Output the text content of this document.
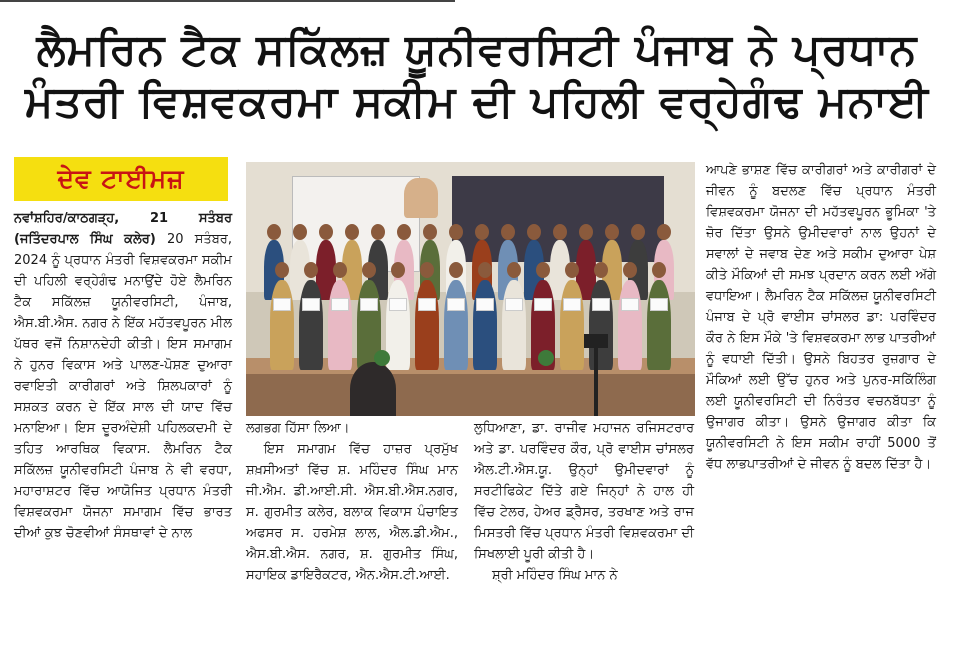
ਲੈਮਰਿਨ ਟੈਕ ਸਕਿੱਲਜ਼ ਯੂਨੀਵਰਸਿਟੀ ਪੰਜਾਬ ਨੇ ਪ੍ਰਧਾਨ
ਮੰਤਰੀ ਵਿਸ਼ਵਕਰਮਾ ਸਕੀਮ ਦੀ ਪਹਿਲੀ ਵਰ੍ਹੇਗੰਢ ਮਨਾਈ
ਦੇਵ ਟਾਈਮਜ਼

ਨਵਾਂਸ਼ਹਿਰ/ਕਾਠਗੜ੍ਹ, 21 ਸਤੰਬਰ (ਜਤਿੰਦਰਪਾਲ ਸਿੰਘ ਕਲੇਰ) 20 ਸਤੰਬਰ, 2024 ਨੂੰ ਪ੍ਰਧਾਨ ਮੰਤਰੀ ਵਿਸ਼ਵਕਰਮਾ ਸਕੀਮ ਦੀ ਪਹਿਲੀ ਵਰ੍ਹੇਗੰਢ ਮਨਾਉਂਦੇ ਹੋਏ ਲੈਮਰਿਨ ਟੈਕ ਸਕਿੱਲਜ਼ ਯੂਨੀਵਰਸਿਟੀ, ਪੰਜਾਬ, ਐਸ.ਬੀ.ਐਸ. ਨਗਰ ਨੇ ਇੱਕ ਮਹੱਤਵਪੂਰਨ ਮੀਲ ਪੱਥਰ ਵਜੋਂ ਨਿਸ਼ਾਨਦੇਹੀ ਕੀਤੀ। ਇਸ ਸਮਾਗਮ ਨੇ ਹੁਨਰ ਵਿਕਾਸ ਅਤੇ ਪਾਲਣ-ਪੋਸ਼ਣ ਦੁਆਰਾ ਰਵਾਇਤੀ ਕਾਰੀਗਰਾਂ ਅਤੇ ਸ਼ਿਲਪਕਾਰਾਂ ਨੂੰ ਸਸ਼ਕਤ ਕਰਨ ਦੇ ਇੱਕ ਸਾਲ ਦੀ ਯਾਦ ਵਿੱਚ ਮਨਾਇਆ। ਇਸ ਦੂਰਅੰਦੇਸ਼ੀ ਪਹਿਲਕਦਮੀ ਦੇ ਤਹਿਤ ਆਰਥਿਕ ਵਿਕਾਸ. ਲੈਮਰਿਨ ਟੈਕ ਸਕਿੱਲਜ਼ ਯੂਨੀਵਰਸਿਟੀ ਪੰਜਾਬ ਨੇ ਵੀ ਵਰਧਾ, ਮਹਾਰਾਸ਼ਟਰ ਵਿੱਚ ਆਯੋਜਿਤ ਪ੍ਰਧਾਨ ਮੰਤਰੀ ਵਿਸ਼ਵਕਰਮਾ ਯੋਜਨਾ ਸਮਾਗਮ ਵਿੱਚ ਭਾਰਤ ਦੀਆਂ ਕੁਝ ਚੋਣਵੀਆਂ ਸੰਸਥਾਵਾਂ ਦੇ ਨਾਲ

ਲਗਭਗ ਹਿੱਸਾ ਲਿਆ।

ਇਸ ਸਮਾਗਮ ਵਿੱਚ ਹਾਜ਼ਰ ਪ੍ਰਮੁੱਖ ਸ਼ਖ਼ਸੀਅਤਾਂ ਵਿੱਚ ਸ਼. ਮਹਿੰਦਰ ਸਿੰਘ ਮਾਨ ਜੀ.ਐਮ. ਡੀ.ਆਈ.ਸੀ. ਐਸ.ਬੀ.ਐਸ.ਨਗਰ, ਸ. ਗੁਰਮੀਤ ਕਲੇਰ, ਬਲਾਕ ਵਿਕਾਸ ਪੰਚਾਇਤ ਅਫਸਰ ਸ. ਹਰਮੇਸ਼ ਲਾਲ, ਐਲ.ਡੀ.ਐਮ., ਐਸ.ਬੀ.ਐਸ. ਨਗਰ, ਸ਼. ਗੁਰਮੀਤ ਸਿੰਘ, ਸਹਾਇਕ ਡਾਇਰੈਕਟਰ, ਐਨ.ਐਸ.ਟੀ.ਆਈ.

ਲੁਧਿਆਣਾ, ਡਾ. ਰਾਜੀਵ ਮਹਾਜਨ ਰਜਿਸਟਰਾਰ ਅਤੇ ਡਾ. ਪਰਵਿੰਦਰ ਕੌਰ, ਪ੍ਰੋ ਵਾਈਸ ਚਾਂਸਲਰ ਐਲ.ਟੀ.ਐਸ.ਯੂ. ਉਨ੍ਹਾਂ ਉਮੀਦਵਾਰਾਂ ਨੂੰ ਸਰਟੀਫਿਕੇਟ ਦਿੱਤੇ ਗਏ ਜਿਨ੍ਹਾਂ ਨੇ ਹਾਲ ਹੀ ਵਿੱਚ ਟੇਲਰ, ਹੇਅਰ ਡ੍ਰੈਸਰ, ਤਰਖਾਣ ਅਤੇ ਰਾਜ ਮਿਸਤਰੀ ਵਿੱਚ ਪ੍ਰਧਾਨ ਮੰਤਰੀ ਵਿਸ਼ਵਕਰਮਾ ਦੀ ਸਿਖਲਾਈ ਪੂਰੀ ਕੀਤੀ ਹੈ।

ਸ਼੍ਰੀ ਮਹਿੰਦਰ ਸਿੰਘ ਮਾਨ ਨੇ

ਆਪਣੇ ਭਾਸ਼ਣ ਵਿੱਚ ਕਾਰੀਗਰਾਂ ਅਤੇ ਕਾਰੀਗਰਾਂ ਦੇ ਜੀਵਨ ਨੂੰ ਬਦਲਣ ਵਿੱਚ ਪ੍ਰਧਾਨ ਮੰਤਰੀ ਵਿਸ਼ਵਕਰਮਾ ਯੋਜਨਾ ਦੀ ਮਹੱਤਵਪੂਰਨ ਭੂਮਿਕਾ 'ਤੇ ਜ਼ੋਰ ਦਿੱਤਾ ਉਸਨੇ ਉਮੀਦਵਾਰਾਂ ਨਾਲ ਉਹਨਾਂ ਦੇ ਸਵਾਲਾਂ ਦੇ ਜਵਾਬ ਦੇਣ ਅਤੇ ਸਕੀਮ ਦੁਆਰਾ ਪੇਸ਼ ਕੀਤੇ ਮੌਕਿਆਂ ਦੀ ਸਮਝ ਪ੍ਰਦਾਨ ਕਰਨ ਲਈ ਅੱਗੇ ਵਧਾਇਆ। ਲੈਮਰਿਨ ਟੈਕ ਸਕਿੱਲਜ਼ ਯੂਨੀਵਰਸਿਟੀ ਪੰਜਾਬ ਦੇ ਪ੍ਰੋ ਵਾਈਸ ਚਾਂਸਲਰ ਡਾ: ਪਰਵਿੰਦਰ ਕੌਰ ਨੇ ਇਸ ਮੌਕੇ 'ਤੇ ਵਿਸ਼ਵਕਰਮਾ ਲਾਭ ਪਾਤਰੀਆਂ ਨੂੰ ਵਧਾਈ ਦਿੱਤੀ। ਉਸਨੇ ਬਿਹਤਰ ਰੁਜ਼ਗਾਰ ਦੇ ਮੌਕਿਆਂ ਲਈ ਉੱਚ ਹੁਨਰ ਅਤੇ ਪੁਨਰ-ਸਕਿੱਲਿੰਗ ਲਈ ਯੂਨੀਵਰਸਿਟੀ ਦੀ ਨਿਰੰਤਰ ਵਚਨਬੱਧਤਾ ਨੂੰ ਉਜਾਗਰ ਕੀਤਾ। ਉਸਨੇ ਉਜਾਗਰ ਕੀਤਾ ਕਿ ਯੂਨੀਵਰਸਿਟੀ ਨੇ ਇਸ ਸਕੀਮ ਰਾਹੀਂ 5000 ਤੋਂ ਵੱਧ ਲਾਭਪਾਤਰੀਆਂ ਦੇ ਜੀਵਨ ਨੂੰ ਬਦਲ ਦਿੱਤਾ ਹੈ।
